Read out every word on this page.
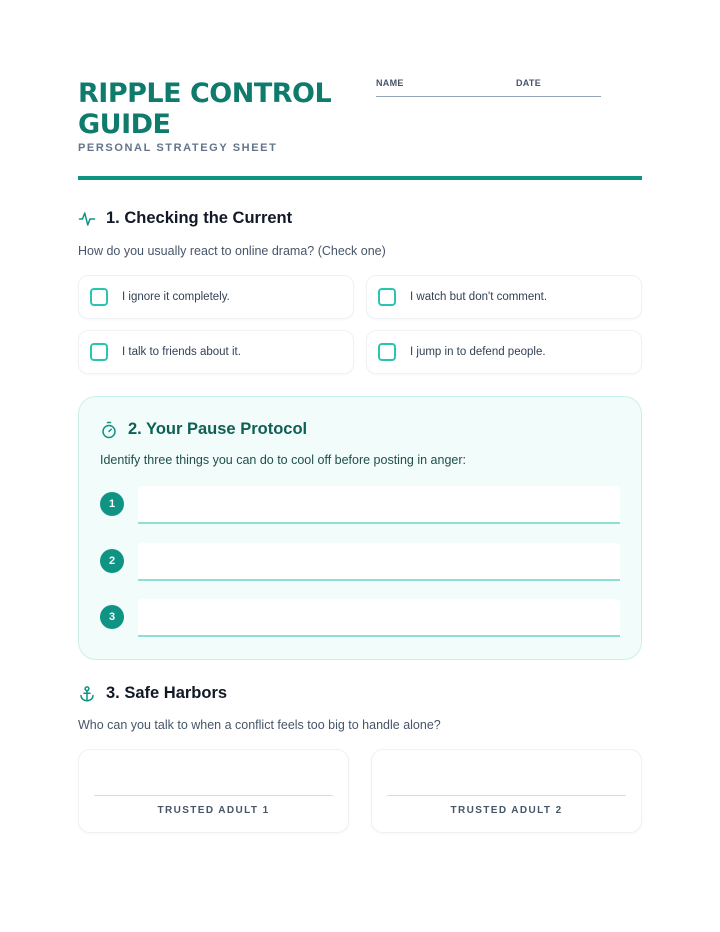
RIPPLE CONTROL GUIDE
PERSONAL STRATEGY SHEET
NAME	DATE
1. Checking the Current
How do you usually react to online drama? (Check one)
I ignore it completely.	I watch but don't comment.
I talk to friends about it.	I jump in to defend people.
2. Your Pause Protocol
Identify three things you can do to cool off before posting in anger:
1
2
3
3. Safe Harbors
Who can you talk to when a conflict feels too big to handle alone?
TRUSTED ADULT 1	TRUSTED ADULT 2
